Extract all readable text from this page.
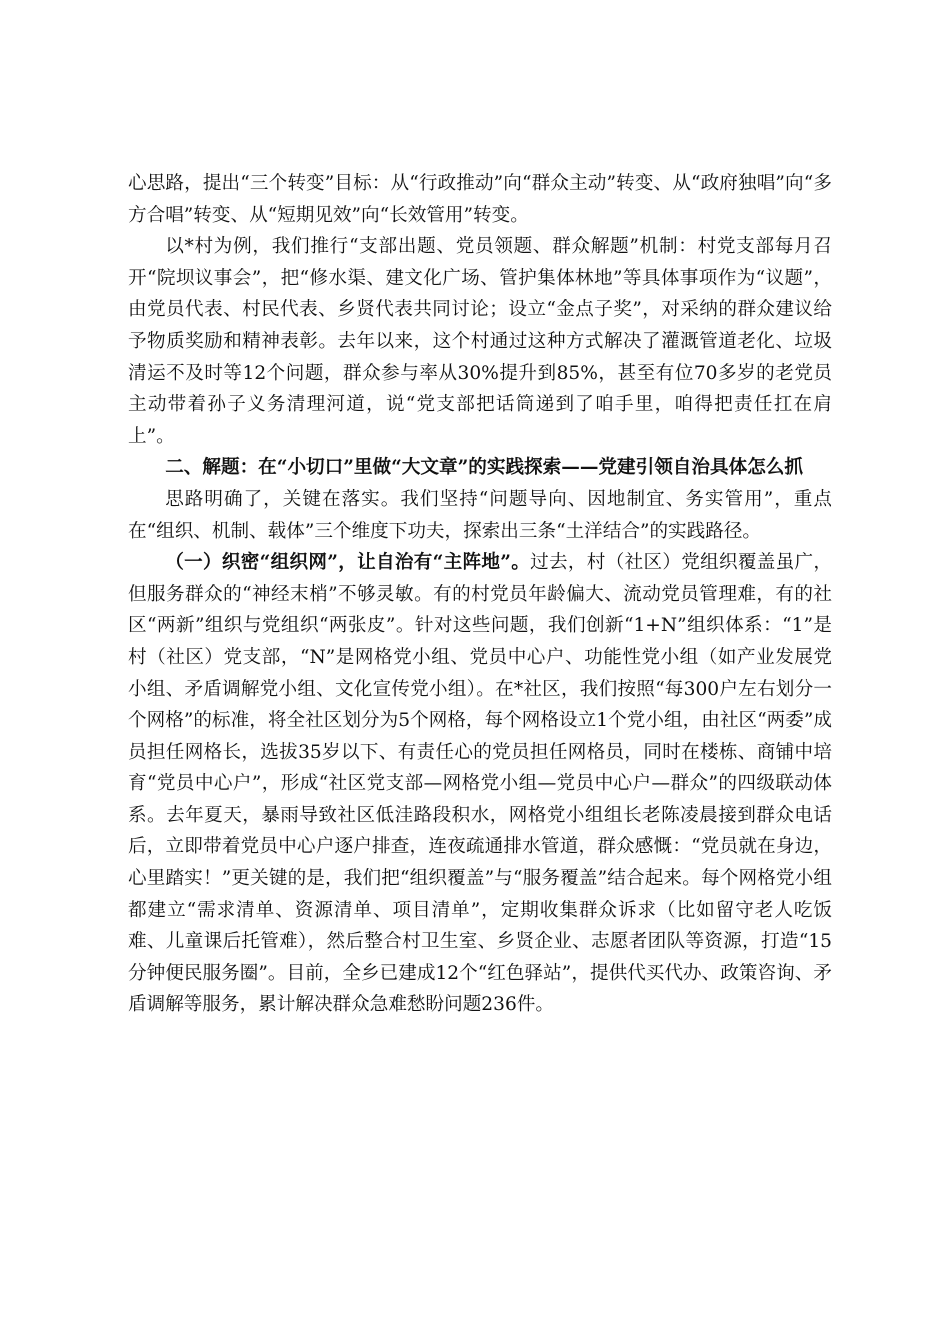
心思路，提出“三个转变”目标：从“行政推动”向“群众主动”转变、从“政府独唱”向“多方合唱”转变、从“短期见效”向“长效管用”转变。

以*村为例，我们推行“支部出题、党员领题、群众解题”机制：村党支部每月召开“院坝议事会”，把“修水渠、建文化广场、管护集体林地”等具体事项作为“议题”，由党员代表、村民代表、乡贤代表共同讨论；设立“金点子奖”，对采纳的群众建议给予物质奖励和精神表彰。去年以来，这个村通过这种方式解决了灌溉管道老化、垃圾清运不及时等12个问题，群众参与率从30%提升到85%，甚至有位70多岁的老党员主动带着孙子义务清理河道，说“党支部把话筒递到了咱手里，咱得把责任扛在肩上”。

二、解题：在“小切口”里做“大文章”的实践探索——党建引领自治具体怎么抓

思路明确了，关键在落实。我们坚持“问题导向、因地制宜、务实管用”，重点在“组织、机制、载体”三个维度下功夫，探索出三条“土洋结合”的实践路径。

（一）织密“组织网”，让自治有“主阵地”。过去，村（社区）党组织覆盖虽广，但服务群众的“神经末梢”不够灵敏。有的村党员年龄偏大、流动党员管理难，有的社区“两新”组织与党组织“两张皮”。针对这些问题，我们创新“1+N”组织体系：“1”是村（社区）党支部，“N”是网格党小组、党员中心户、功能性党小组（如产业发展党小组、矛盾调解党小组、文化宣传党小组）。在*社区，我们按照“每300户左右划分一个网格”的标准，将全社区划分为5个网格，每个网格设立1个党小组，由社区“两委”成员担任网格长，选拔35岁以下、有责任心的党员担任网格员，同时在楼栋、商铺中培育“党员中心户”，形成“社区党支部—网格党小组—党员中心户—群众”的四级联动体系。去年夏天，暴雨导致社区低洼路段积水，网格党小组组长老陈凌晨接到群众电话后，立即带着党员中心户逐户排查，连夜疏通排水管道，群众感慨：“党员就在身边，心里踏实！”更关键的是，我们把“组织覆盖”与“服务覆盖”结合起来。每个网格党小组都建立“需求清单、资源清单、项目清单”，定期收集群众诉求（比如留守老人吃饭难、儿童课后托管难），然后整合村卫生室、乡贤企业、志愿者团队等资源，打造“15分钟便民服务圈”。目前，全乡已建成12个“红色驿站”，提供代买代办、政策咨询、矛盾调解等服务，累计解决群众急难愁盼问题236件。
